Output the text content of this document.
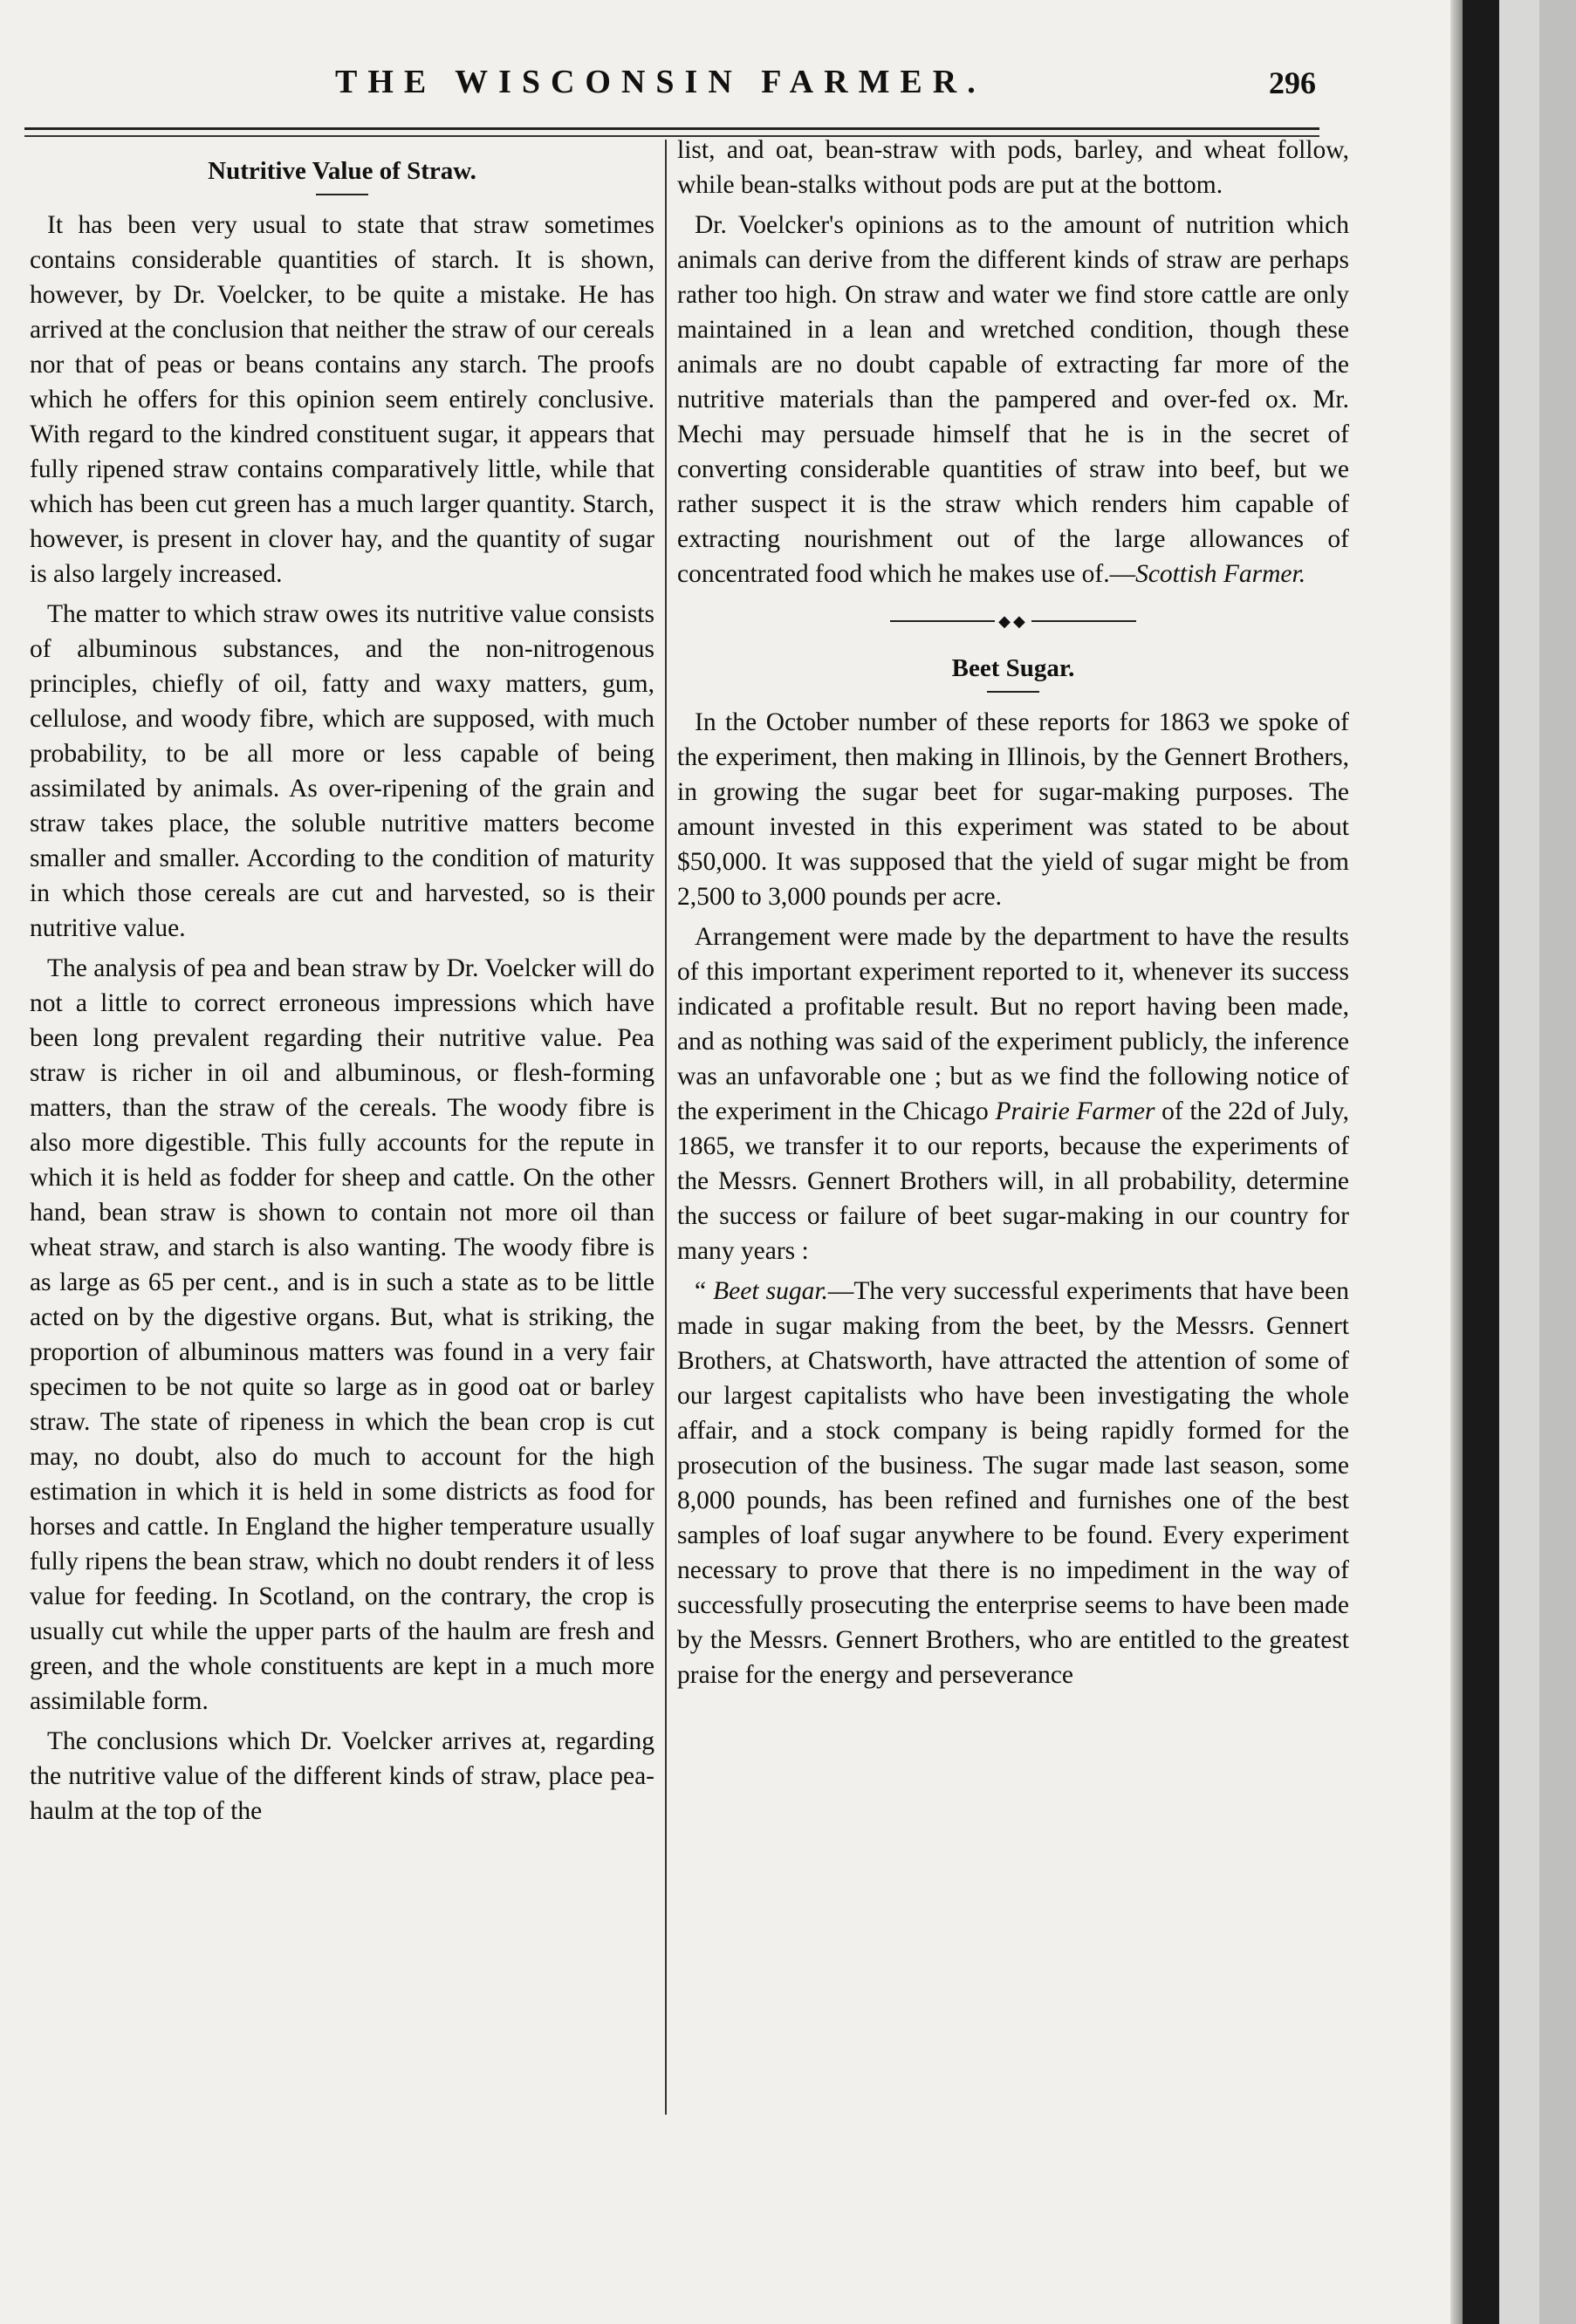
THE WISCONSIN FARMER.	296
Nutritive Value of Straw.

It has been very usual to state that straw sometimes contains considerable quantities of starch. It is shown, however, by Dr. Voelcker, to be quite a mistake. He has arrived at the conclusion that neither the straw of our cereals nor that of peas or beans contains any starch. The proofs which he offers for this opinion seem entirely conclusive. With regard to the kindred constituent sugar, it appears that fully ripened straw contains comparatively little, while that which has been cut green has a much larger quantity. Starch, however, is present in clover hay, and the quantity of sugar is also largely increased.

The matter to which straw owes its nutritive value consists of albuminous substances, and the non-nitrogenous principles, chiefly of oil, fatty and waxy matters, gum, cellulose, and woody fibre, which are supposed, with much probability, to be all more or less capable of being assimilated by animals. As over-ripening of the grain and straw takes place, the soluble nutritive matters become smaller and smaller. According to the condition of maturity in which those cereals are cut and harvested, so is their nutritive value.

The analysis of pea and bean straw by Dr. Voelcker will do not a little to correct erroneous impressions which have been long prevalent regarding their nutritive value. Pea straw is richer in oil and albuminous, or flesh-forming matters, than the straw of the cereals. The woody fibre is also more digestible. This fully accounts for the repute in which it is held as fodder for sheep and cattle. On the other hand, bean straw is shown to contain not more oil than wheat straw, and starch is also wanting. The woody fibre is as large as 65 per cent., and is in such a state as to be little acted on by the digestive organs. But, what is striking, the proportion of albuminous matters was found in a very fair specimen to be not quite so large as in good oat or barley straw. The state of ripeness in which the bean crop is cut may, no doubt, also do much to account for the high estimation in which it is held in some districts as food for horses and cattle. In England the higher temperature usually fully ripens the bean straw, which no doubt renders it of less value for feeding. In Scotland, on the contrary, the crop is usually cut while the upper parts of the haulm are fresh and green, and the whole constituents are kept in a much more assimilable form.

The conclusions which Dr. Voelcker arrives at, regarding the nutritive value of the different kinds of straw, place pea-haulm at the top of the

list, and oat, bean-straw with pods, barley, and wheat follow, while bean-stalks without pods are put at the bottom.

Dr. Voelcker's opinions as to the amount of nutrition which animals can derive from the different kinds of straw are perhaps rather too high. On straw and water we find store cattle are only maintained in a lean and wretched condition, though these animals are no doubt capable of extracting far more of the nutritive materials than the pampered and over-fed ox. Mr. Mechi may persuade himself that he is in the secret of converting considerable quantities of straw into beef, but we rather suspect it is the straw which renders him capable of extracting nourishment out of the large allowances of concentrated food which he makes use of.—Scottish Farmer.

◆◆
Beet Sugar.

In the October number of these reports for 1863 we spoke of the experiment, then making in Illinois, by the Gennert Brothers, in growing the sugar beet for sugar-making purposes. The amount invested in this experiment was stated to be about $50,000. It was supposed that the yield of sugar might be from 2,500 to 3,000 pounds per acre.

Arrangement were made by the department to have the results of this important experiment reported to it, whenever its success indicated a profitable result. But no report having been made, and as nothing was said of the experiment publicly, the inference was an unfavorable one ; but as we find the following notice of the experiment in the Chicago Prairie Farmer of the 22d of July, 1865, we transfer it to our reports, because the experiments of the Messrs. Gennert Brothers will, in all probability, determine the success or failure of beet sugar-making in our country for many years :

“ Beet sugar.—The very successful experiments that have been made in sugar making from the beet, by the Messrs. Gennert Brothers, at Chatsworth, have attracted the attention of some of our largest capitalists who have been investigating the whole affair, and a stock company is being rapidly formed for the prosecution of the business. The sugar made last season, some 8,000 pounds, has been refined and furnishes one of the best samples of loaf sugar anywhere to be found. Every experiment necessary to prove that there is no impediment in the way of successfully prosecuting the enterprise seems to have been made by the Messrs. Gennert Brothers, who are entitled to the greatest praise for the energy and perseverance
